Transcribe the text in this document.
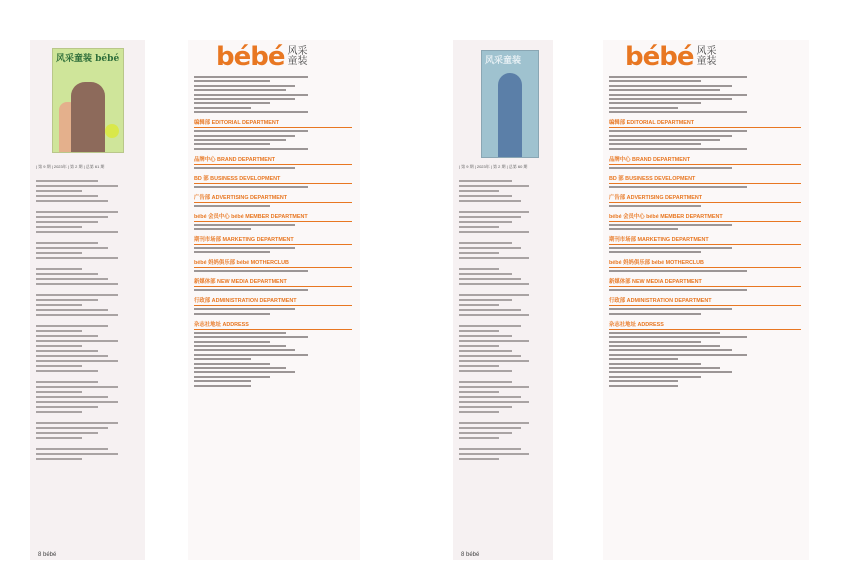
风采童装 bébé
| 第 9 期 | 2023年 | 第 2 期 | 总第 61 期
8 bébé
bébé 风采 童装
编辑部 EDITORIAL DEPARTMENT
品牌中心 BRAND DEPARTMENT
BD 部 BUSINESS DEVELOPMENT
广告部 ADVERTISING DEPARTMENT
bébé 会员中心 bébé MEMBER DEPARTMENT
期刊市场部 MARKETING DEPARTMENT
bébé 妈妈俱乐部 bébé MOTHERCLUB
新媒体部 NEW MEDIA DEPARTMENT
行政部 ADMINISTRATION DEPARTMENT
杂志社地址 ADDRESS
风采童装
| 第 9 期 | 2023年 | 第 2 期 | 总第 60 期
8 bébé
bébé 风采 童装
编辑部 EDITORIAL DEPARTMENT
品牌中心 BRAND DEPARTMENT
BD 部 BUSINESS DEVELOPMENT
广告部 ADVERTISING DEPARTMENT
bébé 会员中心 bébé MEMBER DEPARTMENT
期刊市场部 MARKETING DEPARTMENT
bébé 妈妈俱乐部 bébé MOTHERCLUB
新媒体部 NEW MEDIA DEPARTMENT
行政部 ADMINISTRATION DEPARTMENT
杂志社地址 ADDRESS
